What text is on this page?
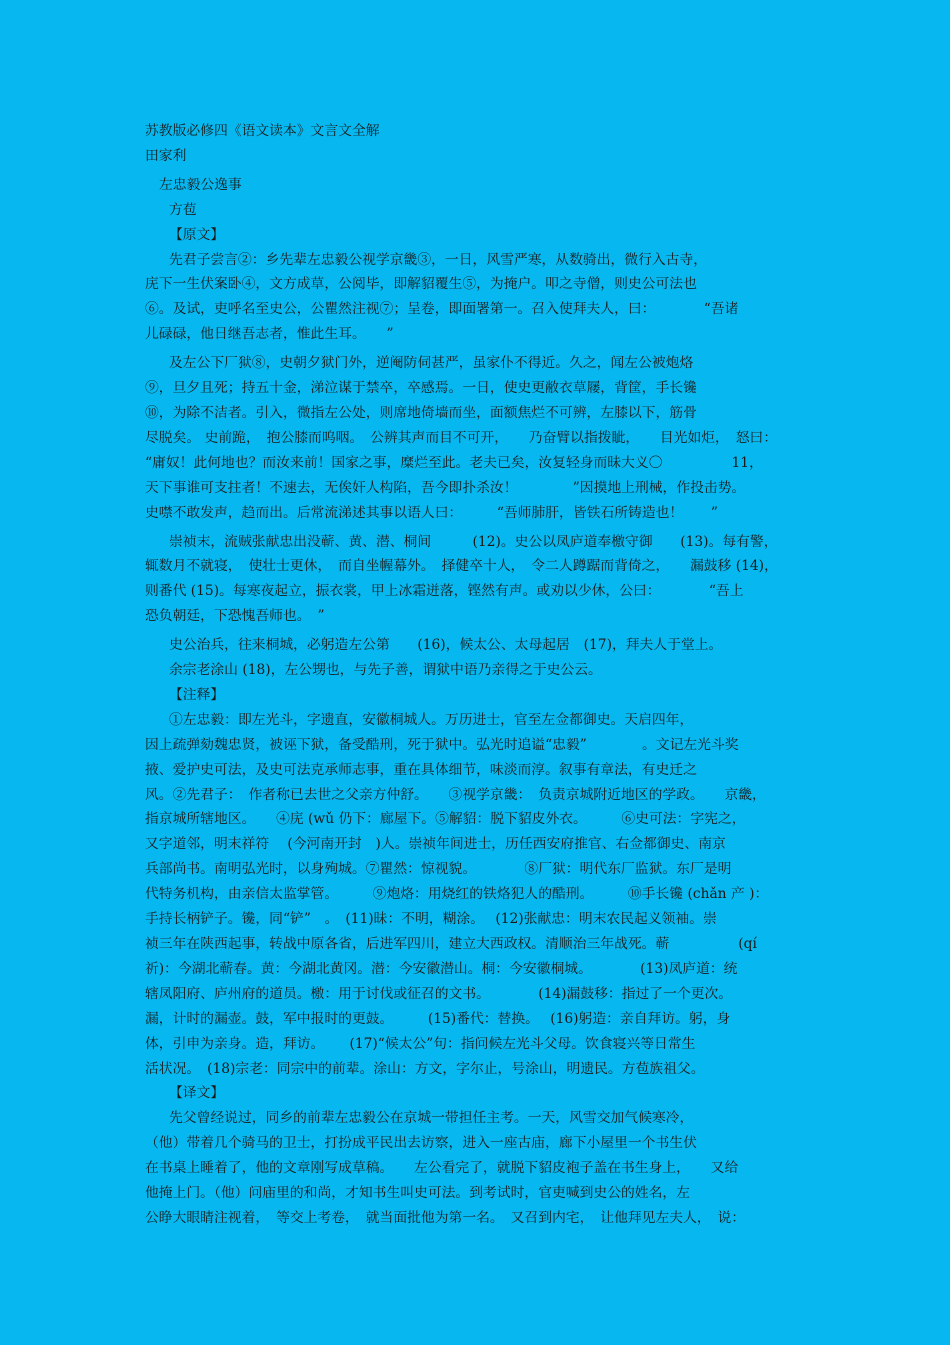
苏教版必修四《语文读本》文言文全解

田家利

左忠毅公逸事

方苞

【原文】

先君子尝言②：乡先辈左忠毅公视学京畿③，一日，风雪严寒，从数骑出，微行入古寺，

庑下一生伏案卧④，文方成草，公阅毕，即解貂覆生⑤，为掩户。叩之寺僧，则史公可法也

⑥。及试，吏呼名至史公，公瞿然注视⑦；呈卷，即面署第一。召入使拜夫人，曰：　　　　“吾诸

儿碌碌，他日继吾志者，惟此生耳。　　”

及左公下厂狱⑧，史朝夕狱门外，逆阉防伺甚严，虽家仆不得近。久之，闻左公被炮烙

⑨，旦夕且死；持五十金，涕泣谋于禁卒，卒感焉。一日，使史更敝衣草屦，背筐，手长镵

⑩，为除不洁者。引入，微指左公处，则席地倚墙而坐，面额焦烂不可辨，左膝以下，筋骨

尽脱矣。 史前跪，　抱公膝而呜咽。　公辨其声而目不可开，　　乃奋臂以指拨眦，　　目光如炬，　怒曰：

“庸奴！此何地也？而汝来前！国家之事，糜烂至此。老夫已矣，汝复轻身而昧大义〇　　　　　11，

天下事谁可支拄者！不速去，无俟奸人构陷，吾今即扑杀汝！　　　　”因摸地上刑械，作投击势。

史噤不敢发声，趋而出。后常流涕述其事以语人曰：　　　“吾师肺肝，皆铁石所铸造也！　　”

崇祯末，流贼张献忠出没蕲、黄、潜、桐间　　　(12)。史公以凤庐道奉檄守御　　(13)。每有警，

辄数月不就寝，　使壮士更休，　而自坐幄幕外。　择健卒十人，　令二人蹲踞而背倚之，　　漏鼓移 (14)，

则番代 (15)。每寒夜起立，振衣裳，甲上冰霜迸落，铿然有声。或劝以少休，公曰：　　　　“吾上

恐负朝廷，下恐愧吾师也。　”

史公治兵，往来桐城，必躬造左公第　　(16)，候太公、太母起居　(17)，拜夫人于堂上。

余宗老涂山 (18)，左公甥也，与先子善，谓狱中语乃亲得之于史公云。

【注释】

①左忠毅：即左光斗，字遗直，安徽桐城人。万历进士，官至左佥都御史。天启四年，

因上疏弹劾魏忠贤，被诬下狱，备受酷刑，死于狱中。弘光时追谥“忠毅”　　　　。文记左光斗奖

掖、爱护史可法，及史可法克承师志事，重在具体细节，味淡而淳。叙事有章法，有史迁之

风。②先君子：　作者称已去世之父亲方仲舒。　　③视学京畿：　负责京城附近地区的学政。　　京畿，

指京城所辖地区。　　④庑 (wǔ 仍下：廊屋下。⑤解貂：脱下貂皮外衣。　　　⑥史可法：字宪之，

又字道邻，明末祥符　 (今河南开封　)人。崇祯年间进士，历任西安府推官、右佥都御史、南京

兵部尚书。南明弘光时，以身殉城。⑦瞿然：惊视貌。　　　　⑧厂狱：明代东厂监狱。东厂是明

代特务机构，由亲信太监掌管。　　　⑨炮烙：用烧红的铁烙犯人的酷刑。　　　⑩手长镵 (chǎn 产 )：

手持长柄铲子。镵，同“铲”　。　(11)昧：不明，糊涂。　 (12)张献忠：明末农民起义领袖。崇

祯三年在陕西起事，转战中原各省，后进军四川，建立大西政权。清顺治三年战死。蕲　　　　　(qí

祈)：今湖北蕲春。黄：今湖北黄冈。潜：今安徽潜山。桐：今安徽桐城。　　　　(13)凤庐道：统

辖凤阳府、庐州府的道员。檄：用于讨伐或征召的文书。　　　　(14)漏鼓移：指过了一个更次。

漏，计时的漏壶。鼓，军中报时的更鼓。　　　(15)番代：替换。　 (16)躬造：亲自拜访。躬，身

体，引申为亲身。造，拜访。　　 (17)“候太公”句：指问候左光斗父母。饮食寝兴等日常生

活状况。　(18)宗老：同宗中的前辈。涂山：方文，字尔止，号涂山，明遗民。方苞族祖父。

【译文】

先父曾经说过，同乡的前辈左忠毅公在京城一带担任主考。一天，风雪交加气候寒冷，

（他）带着几个骑马的卫士，打扮成平民出去访察，进入一座古庙，廊下小屋里一个书生伏

在书桌上睡着了，他的文章刚写成草稿。　　左公看完了，就脱下貂皮袍子盖在书生身上，　　又给

他掩上门。（他）问庙里的和尚，才知书生叫史可法。到考试时，官吏喊到史公的姓名，左

公睁大眼睛注视着，　等交上考卷，　就当面批他为第一名。　又召到内宅，　让他拜见左夫人，　说：
